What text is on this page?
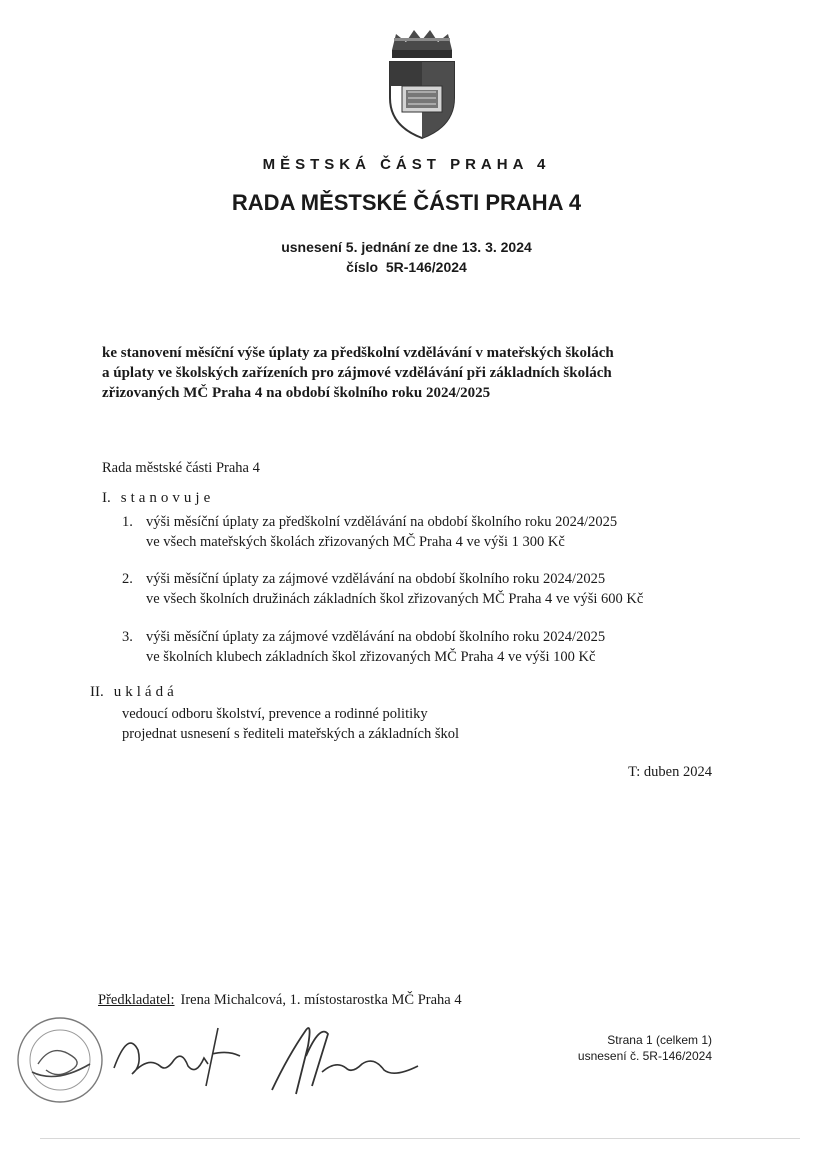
MĚSTSKÁ ČÁST PRAHA 4
RADA MĚSTSKÉ ČÁSTI PRAHA 4
usnesení 5. jednání ze dne 13. 3. 2024
číslo  5R-146/2024
ke stanovení měsíční výše úplaty za předškolní vzdělávání v mateřských školách
a úplaty ve školských zařízeních pro zájmové vzdělávání při základních školách
zřizovaných MČ Praha 4 na období školního roku 2024/2025
Rada městské části Praha 4
I. stanovuje
1. výši měsíční úplaty za předškolní vzdělávání na období školního roku 2024/2025
ve všech mateřských školách zřizovaných MČ Praha 4 ve výši 1 300 Kč
2. výši měsíční úplaty za zájmové vzdělávání na období školního roku 2024/2025
ve všech školních družinách základních škol zřizovaných MČ Praha 4 ve výši 600 Kč
3. výši měsíční úplaty za zájmové vzdělávání na období školního roku 2024/2025
ve školních klubech základních škol zřizovaných MČ Praha 4 ve výši 100 Kč
II. ukládá
vedoucí odboru školství, prevence a rodinné politiky
projednat usnesení s řediteli mateřských a základních škol
T: duben 2024
Předkladatel: Irena Michalcová, 1. místostarostka MČ Praha 4
Strana 1 (celkem 1)
usnesení č. 5R-146/2024
